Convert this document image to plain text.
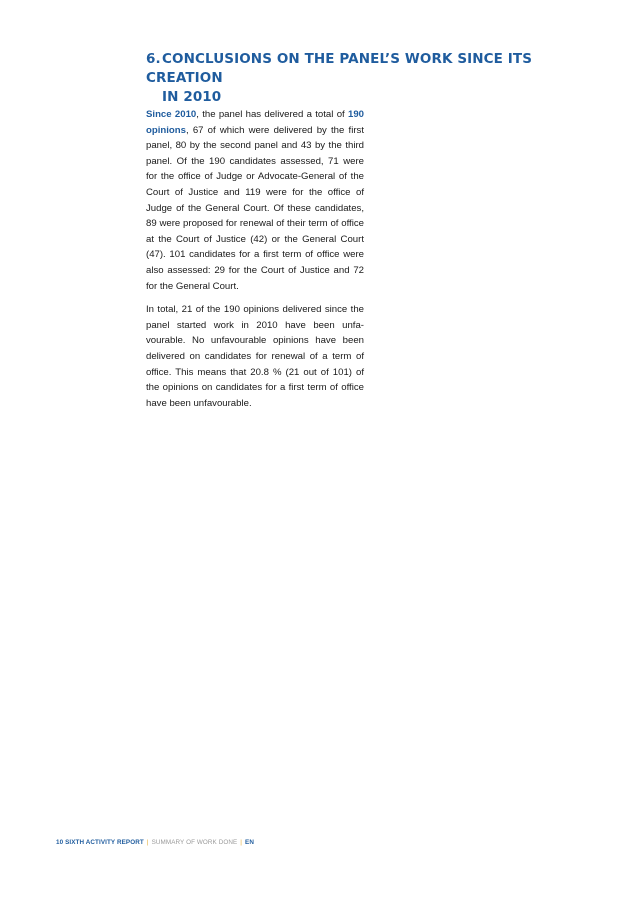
6.CONCLUSIONS ON THE PANEL’S WORK SINCE ITS CREATION
IN 2010

Since 2010, the panel has delivered a total of 190 opinions, 67 of which were delivered by the first panel, 80 by the second panel and 43 by the third panel. Of the 190 candidates assessed, 71 were for the office of Judge or Advocate-General of the Court of Justice and 119 were for the office of Judge of the General Court. Of these candidates, 89 were proposed for renewal of their term of office at the Court of Justice (42) or the General Court (47). 101 candidates for a first term of office were also assessed: 29 for the Court of Justice and 72 for the General Court.

In total, 21 of the 190 opinions delivered since the panel started work in 2010 have been unfavourable. No unfavourable opinions have been delivered on candidates for renewal of a term of office. This means that 20.8 % (21 out of 101) of the opinions on candidates for a first term of office have been unfavourable.

10 SIXTH ACTIVITY REPORT | SUMMARY OF WORK DONE | EN
